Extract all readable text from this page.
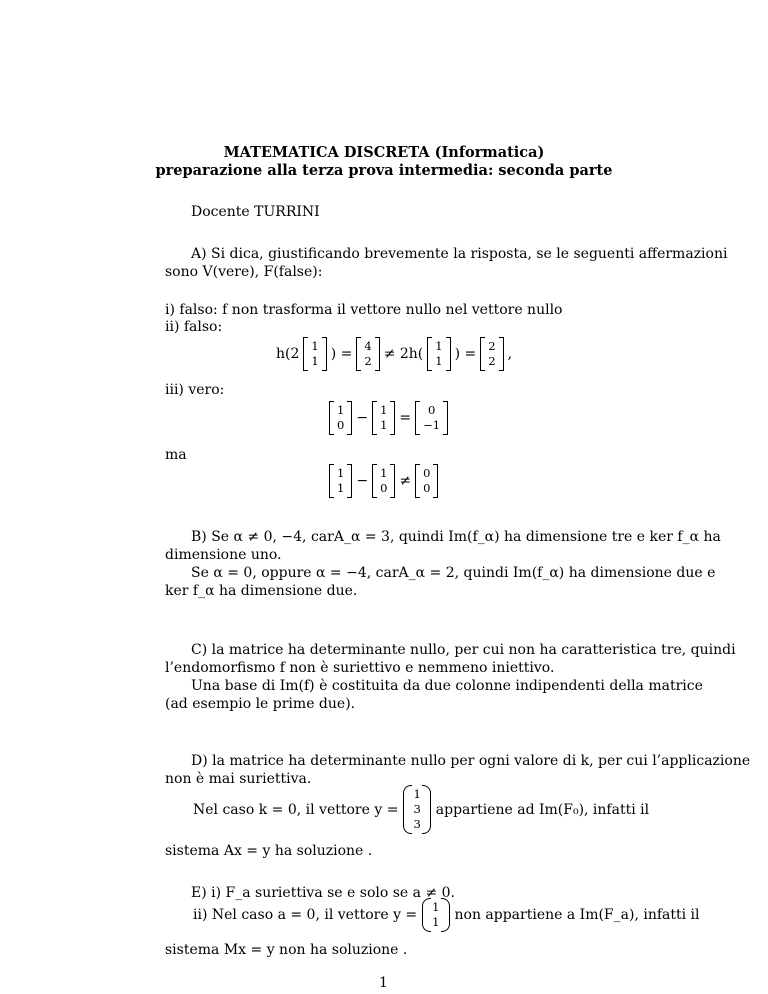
MATEMATICA DISCRETA (Informatica)
preparazione alla terza prova intermedia: seconda parte
Docente TURRINI
A) Si dica, giustificando brevemente la risposta, se le seguenti affermazioni
sono V(vere), F(false):
i) falso: f non trasforma il vettore nullo nel vettore nullo
ii) falso:
h(2 1
1 ) = 4
2 ≠ 2h( 1
1 ) = 2
2 ,
iii) vero:
1
0 − 1
1 =	0
−1
ma
1
1 − 1
0 ≠ 0
0
B) Se α ≠ 0, −4, carA_α = 3, quindi Im(f_α) ha dimensione tre e ker f_α ha
dimensione uno.
Se α = 0, oppure α = −4, carA_α = 2, quindi Im(f_α) ha dimensione due e
ker f_α ha dimensione due.
C) la matrice ha determinante nullo, per cui non ha caratteristica tre, quindi
l’endomorfismo f non è suriettivo e nemmeno iniettivo.
Una base di Im(f) è costituita da due colonne indipendenti della matrice
(ad esempio le prime due).
D) la matrice ha determinante nullo per ogni valore di k, per cui l’applicazione
non è mai suriettiva.
Nel caso k = 0, il vettore y =
1
3
3
appartiene ad Im(F₀), infatti il
sistema Ax = y ha soluzione .
E) i) F_a suriettiva se e solo se a ≠ 0.
ii) Nel caso a = 0, il vettore y = 1
1 non appartiene a Im(F_a), infatti il
sistema Mx = y non ha soluzione .
1
